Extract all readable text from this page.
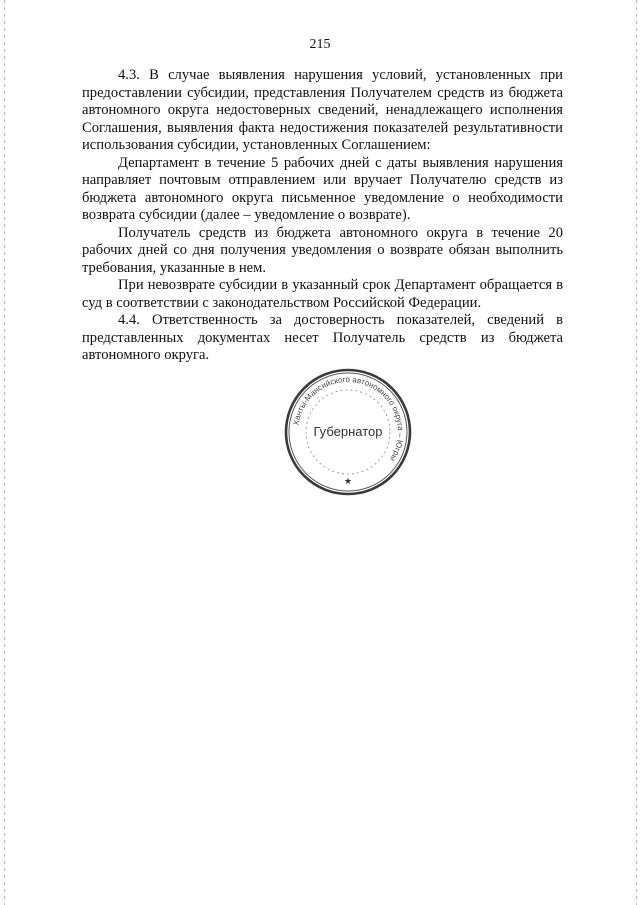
215

4.3. В случае выявления нарушения условий, установленных при предоставлении субсидии, представления Получателем средств из бюджета автономного округа недостоверных сведений, ненадлежащего исполнения Соглашения, выявления факта недостижения показателей результативности использования субсидии, установленных Соглашением:

Департамент в течение 5 рабочих дней с даты выявления нарушения направляет почтовым отправлением или вручает Получателю средств из бюджета автономного округа письменное уведомление о необходимости возврата субсидии (далее – уведомление о возврате).

Получатель средств из бюджета автономного округа в течение 20 рабочих дней со дня получения уведомления о возврате обязан выполнить требования, указанные в нем.

При невозврате субсидии в указанный срок Департамент обращается в суд в соответствии с законодательством Российской Федерации.

4.4. Ответственность за достоверность показателей, сведений в представленных документах несет Получатель средств из бюджета автономного округа.

Ханты-Мансийского автономного округа – Югры
Губернатор
★
